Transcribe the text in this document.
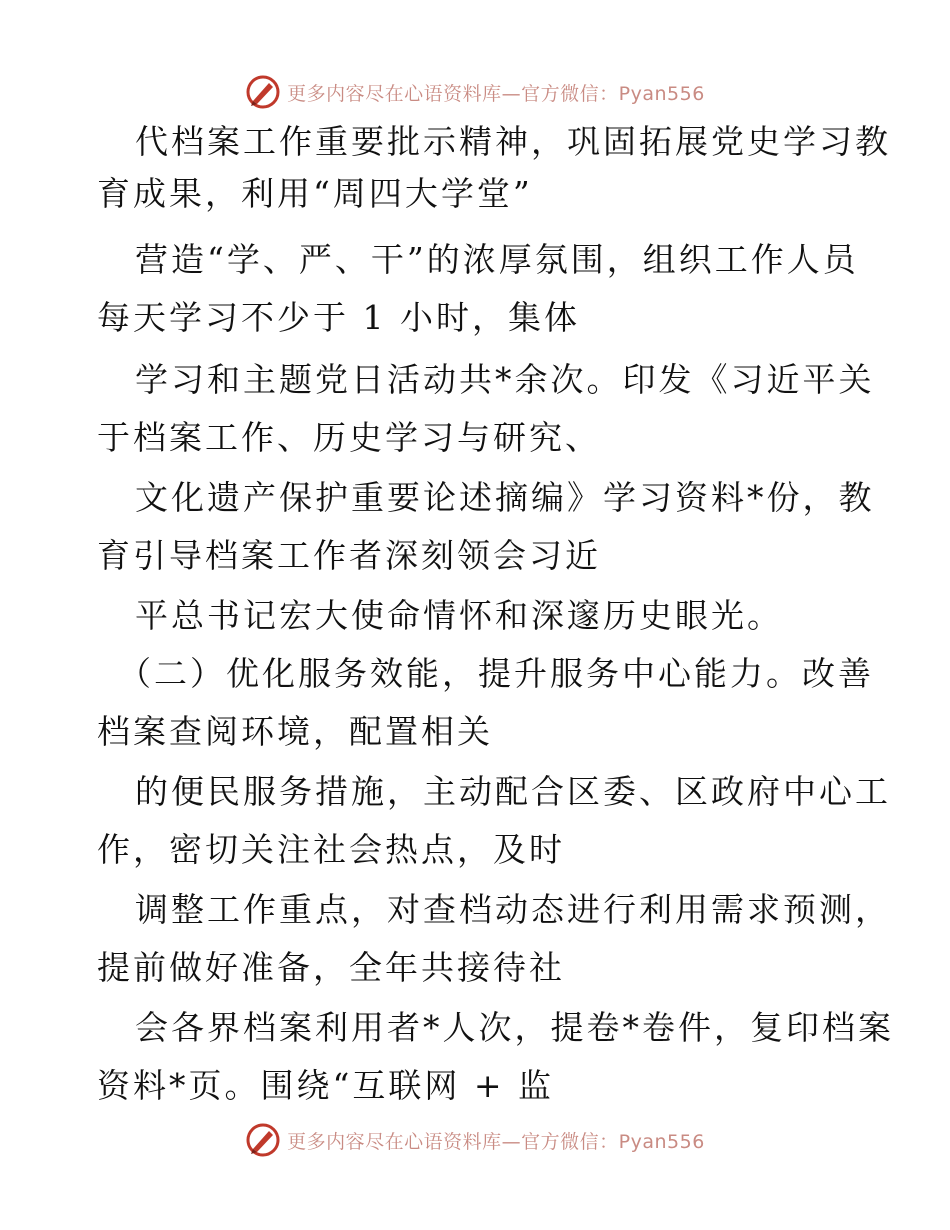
更多内容尽在心语资料库—官方微信：Pyan556
代档案工作重要批示精神，巩固拓展党史学习教
育成果，利用“周四大学堂”
营造“学、严、干”的浓厚氛围，组织工作人员
每天学习不少于 1 小时，集体
学习和主题党日活动共*余次。印发《习近平关
于档案工作、历史学习与研究、
文化遗产保护重要论述摘编》学习资料*份，教
育引导档案工作者深刻领会习近
平总书记宏大使命情怀和深邃历史眼光。
（二）优化服务效能，提升服务中心能力。改善
档案查阅环境，配置相关
的便民服务措施，主动配合区委、区政府中心工
作，密切关注社会热点，及时
调整工作重点，对查档动态进行利用需求预测，
提前做好准备，全年共接待社
会各界档案利用者*人次，提卷*卷件，复印档案
资料*页。围绕“互联网 + 监
更多内容尽在心语资料库—官方微信：Pyan556
